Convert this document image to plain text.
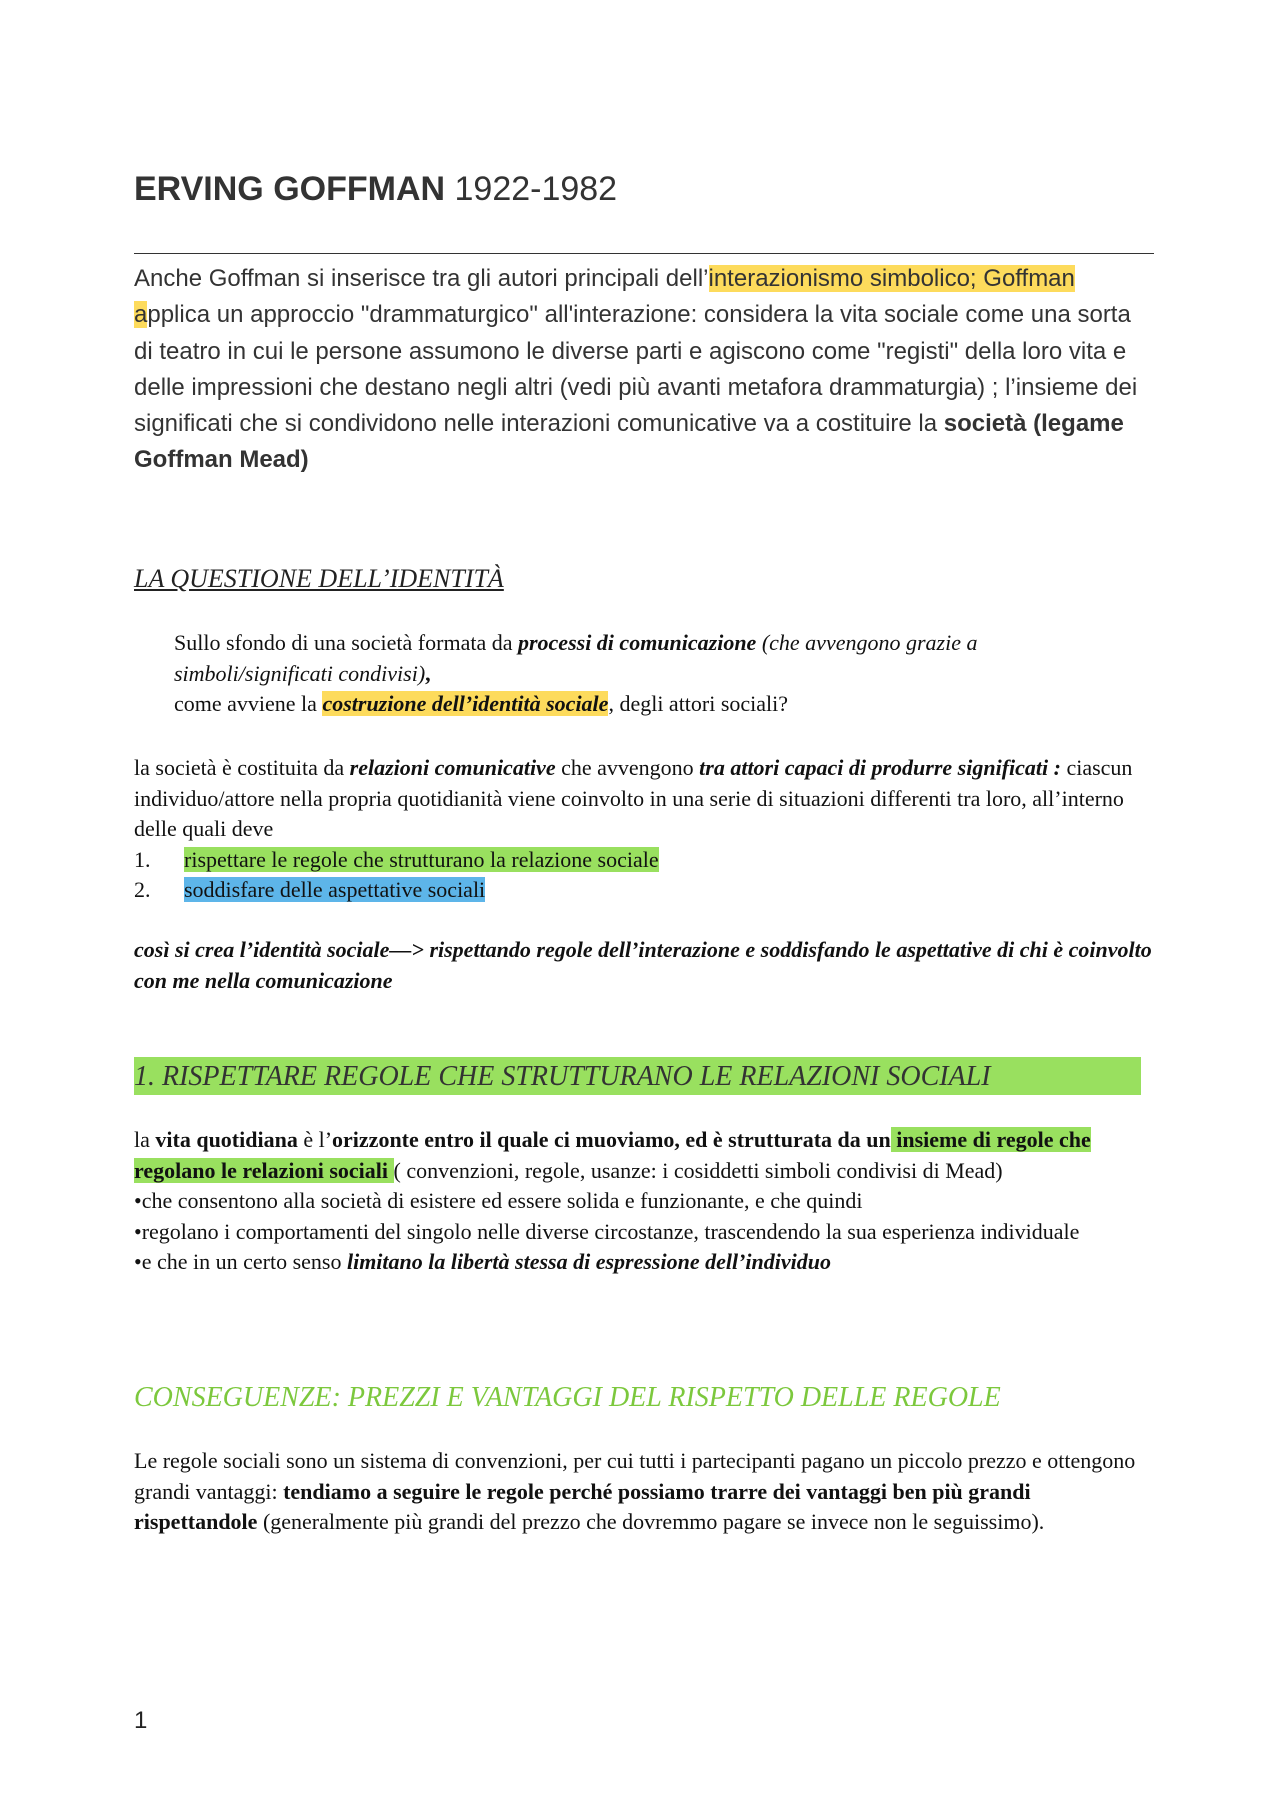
ERVING GOFFMAN 1922-1982
Anche Goffman si inserisce tra gli autori principali dell’interazionismo simbolico; Goffman applica un approccio "drammaturgico" all'interazione: considera la vita sociale come una sorta di teatro in cui le persone assumono le diverse parti e agiscono come "registi" della loro vita e delle impressioni che destano negli altri (vedi più avanti metafora drammaturgia) ; l’insieme dei significati che si condividono nelle interazioni comunicative va a costituire la società (legame Goffman Mead)
LA QUESTIONE DELL’IDENTITÀ
Sullo sfondo di una società formata da processi di comunicazione (che avvengono grazie a simboli/significati condivisi),
come avviene la costruzione dell’identità sociale, degli attori sociali?
la società è costituita da relazioni comunicative che avvengono tra attori capaci di produrre significati : ciascun individuo/attore nella propria quotidianità viene coinvolto in una serie di situazioni differenti tra loro, all’interno delle quali deve
1. rispettare le regole che strutturano la relazione sociale
2. soddisfare delle aspettative sociali
così si crea l’identità sociale—> rispettando regole dell’interazione e soddisfando le aspettative di chi è coinvolto con me nella comunicazione
1. RISPETTARE REGOLE CHE STRUTTURANO LE RELAZIONI SOCIALI
la vita quotidiana è l’orizzonte entro il quale ci muoviamo, ed è strutturata da un insieme di regole che regolano le relazioni sociali ( convenzioni, regole, usanze: i cosiddetti simboli condivisi di Mead)
•che consentono alla società di esistere ed essere solida e funzionante, e che quindi
•regolano i comportamenti del singolo nelle diverse circostanze, trascendendo la sua esperienza individuale
•e che in un certo senso limitano la libertà stessa di espressione dell’individuo
CONSEGUENZE: PREZZI E VANTAGGI DEL RISPETTO DELLE REGOLE
Le regole sociali sono un sistema di convenzioni, per cui tutti i partecipanti pagano un piccolo prezzo e ottengono grandi vantaggi: tendiamo a seguire le regole perché possiamo trarre dei vantaggi ben più grandi rispettandole (generalmente più grandi del prezzo che dovremmo pagare se invece non le seguissimo).
1
